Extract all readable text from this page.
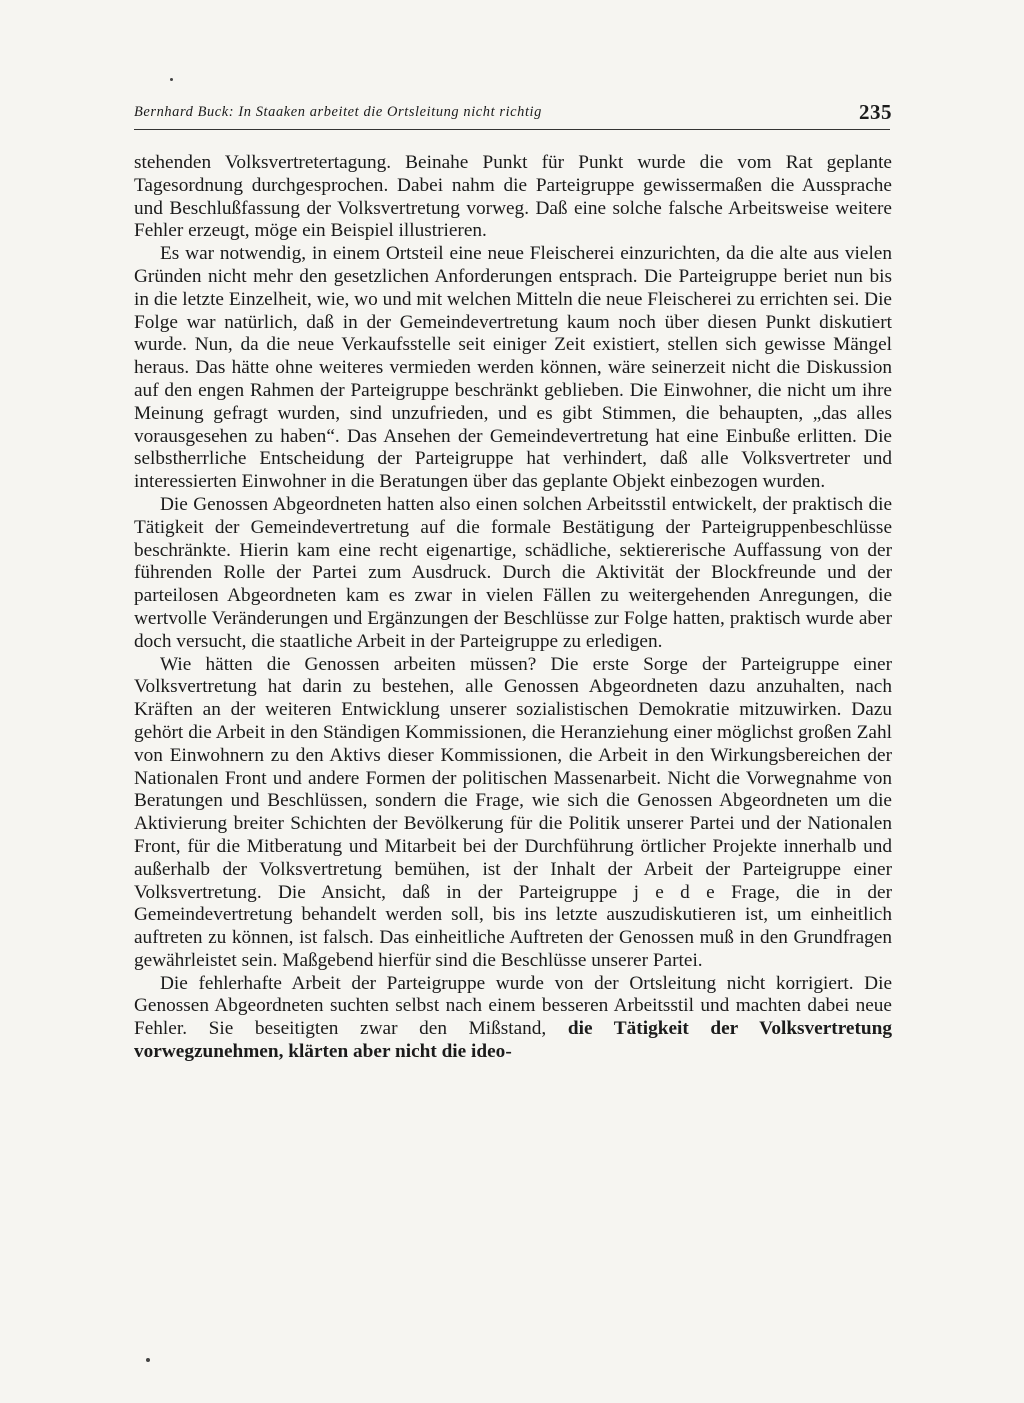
Bernhard Buck: In Staaken arbeitet die Ortsleitung nicht richtig	235

stehenden Volksvertretertagung. Beinahe Punkt für Punkt wurde die vom Rat geplante Tagesordnung durchgesprochen. Dabei nahm die Parteigruppe gewissermaßen die Aussprache und Beschlußfassung der Volksvertretung vorweg. Daß eine solche falsche Arbeitsweise weitere Fehler erzeugt, möge ein Beispiel illustrieren.

Es war notwendig, in einem Ortsteil eine neue Fleischerei einzurichten, da die alte aus vielen Gründen nicht mehr den gesetzlichen Anforderungen entsprach. Die Parteigruppe beriet nun bis in die letzte Einzelheit, wie, wo und mit welchen Mitteln die neue Fleischerei zu errichten sei. Die Folge war natürlich, daß in der Gemeindevertretung kaum noch über diesen Punkt diskutiert wurde. Nun, da die neue Verkaufsstelle seit einiger Zeit existiert, stellen sich gewisse Mängel heraus. Das hätte ohne weiteres vermieden werden können, wäre seinerzeit nicht die Diskussion auf den engen Rahmen der Parteigruppe beschränkt geblieben. Die Einwohner, die nicht um ihre Meinung gefragt wurden, sind unzufrieden, und es gibt Stimmen, die behaupten, „das alles vorausgesehen zu haben“. Das Ansehen der Gemeindevertretung hat eine Einbuße erlitten. Die selbstherrliche Entscheidung der Parteigruppe hat verhindert, daß alle Volksvertreter und interessierten Einwohner in die Beratungen über das geplante Objekt einbezogen wurden.

Die Genossen Abgeordneten hatten also einen solchen Arbeitsstil entwickelt, der praktisch die Tätigkeit der Gemeindevertretung auf die formale Bestätigung der Parteigruppenbeschlüsse beschränkte. Hierin kam eine recht eigenartige, schädliche, sektiererische Auffassung von der führenden Rolle der Partei zum Ausdruck. Durch die Aktivität der Blockfreunde und der parteilosen Abgeordneten kam es zwar in vielen Fällen zu weitergehenden Anregungen, die wertvolle Veränderungen und Ergänzungen der Beschlüsse zur Folge hatten, praktisch wurde aber doch versucht, die staatliche Arbeit in der Parteigruppe zu erledigen.

Wie hätten die Genossen arbeiten müssen? Die erste Sorge der Parteigruppe einer Volksvertretung hat darin zu bestehen, alle Genossen Abgeordneten dazu anzuhalten, nach Kräften an der weiteren Entwicklung unserer sozialistischen Demokratie mitzuwirken. Dazu gehört die Arbeit in den Ständigen Kommissionen, die Heranziehung einer möglichst großen Zahl von Einwohnern zu den Aktivs dieser Kommissionen, die Arbeit in den Wirkungsbereichen der Nationalen Front und andere Formen der politischen Massenarbeit. Nicht die Vorwegnahme von Beratungen und Beschlüssen, sondern die Frage, wie sich die Genossen Abgeordneten um die Aktivierung breiter Schichten der Bevölkerung für die Politik unserer Partei und der Nationalen Front, für die Mitberatung und Mitarbeit bei der Durchführung örtlicher Projekte innerhalb und außerhalb der Volksvertretung bemühen, ist der Inhalt der Arbeit der Parteigruppe einer Volksvertretung. Die Ansicht, daß in der Parteigruppe j e d e Frage, die in der Gemeindevertretung behandelt werden soll, bis ins letzte auszudiskutieren ist, um einheitlich auftreten zu können, ist falsch. Das einheitliche Auftreten der Genossen muß in den Grundfragen gewährleistet sein. Maßgebend hierfür sind die Beschlüsse unserer Partei.

Die fehlerhafte Arbeit der Parteigruppe wurde von der Ortsleitung nicht korrigiert. Die Genossen Abgeordneten suchten selbst nach einem besseren Arbeitsstil und machten dabei neue Fehler. Sie beseitigten zwar den Mißstand, die Tätigkeit der Volksvertretung vorwegzunehmen, klärten aber nicht die ideo-
